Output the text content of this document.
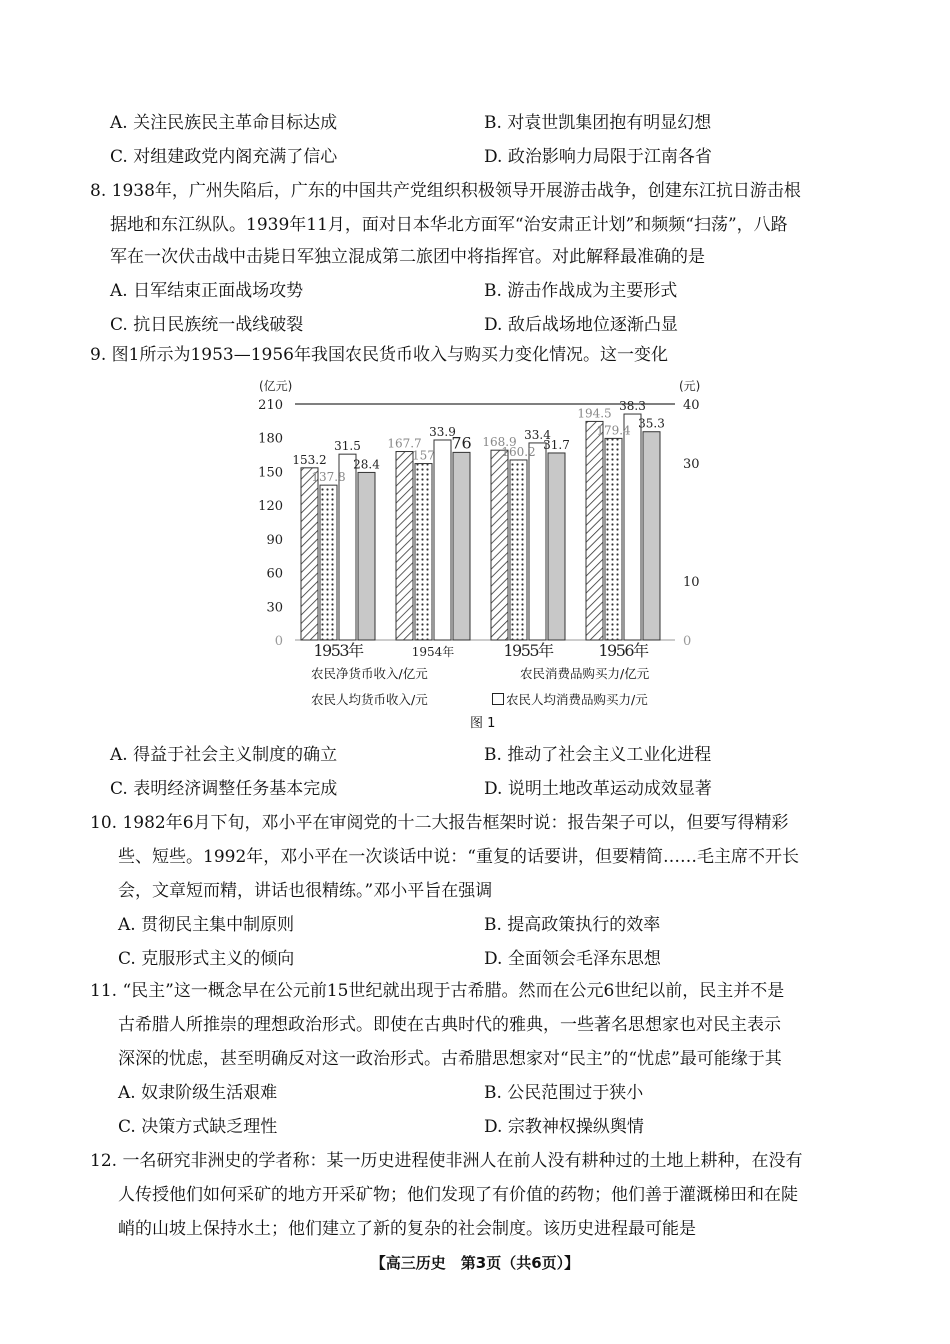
A. 关注民族民主革命目标达成	B. 对袁世凯集团抱有明显幻想
C. 对组建政党内阁充满了信心	D. 政治影响力局限于江南各省
8. 1938年，广州失陷后，广东的中国共产党组织积极领导开展游击战争，创建东江抗日游击根
据地和东江纵队。1939年11月，面对日本华北方面军“治安肃正计划”和频频“扫荡”，八路
军在一次伏击战中击毙日军独立混成第二旅团中将指挥官。对此解释最准确的是
A. 日军结束正面战场攻势	B. 游击作战成为主要形式
C. 抗日民族统一战线破裂	D. 敌后战场地位逐渐凸显
9. 图1所示为1953—1956年我国农民货币收入与购买力变化情况。这一变化
(亿元)	(元)
0
30
60
90
120
150
180
210
0
10
30
40
153.2
137.8
31.5
28.4
1953年
167.7
157
33.9
76
1954年
168.9
160.2
33.4
31.7
1955年
194.5
179.4
38.3
35.3
1956年
农民净货币收入/亿元	农民消费品购买力/亿元
农民人均货币收入/元	农民人均消费品购买力/元
图 1
A. 得益于社会主义制度的确立	B. 推动了社会主义工业化进程
C. 表明经济调整任务基本完成	D. 说明土地改革运动成效显著
10. 1982年6月下旬，邓小平在审阅党的十二大报告框架时说：报告架子可以，但要写得精彩
些、短些。1992年，邓小平在一次谈话中说：“重复的话要讲，但要精简……毛主席不开长
会，文章短而精，讲话也很精练。”邓小平旨在强调
A. 贯彻民主集中制原则	B. 提高政策执行的效率
C. 克服形式主义的倾向	D. 全面领会毛泽东思想
11. “民主”这一概念早在公元前15世纪就出现于古希腊。然而在公元6世纪以前，民主并不是
古希腊人所推崇的理想政治形式。即使在古典时代的雅典，一些著名思想家也对民主表示
深深的忧虑，甚至明确反对这一政治形式。古希腊思想家对“民主”的“忧虑”最可能缘于其
A. 奴隶阶级生活艰难	B. 公民范围过于狭小
C. 决策方式缺乏理性	D. 宗教神权操纵舆情
12. 一名研究非洲史的学者称：某一历史进程使非洲人在前人没有耕种过的土地上耕种，在没有
人传授他们如何采矿的地方开采矿物；他们发现了有价值的药物；他们善于灌溉梯田和在陡
峭的山坡上保持水土；他们建立了新的复杂的社会制度。该历史进程最可能是
【高三历史　第3页（共6页）】
